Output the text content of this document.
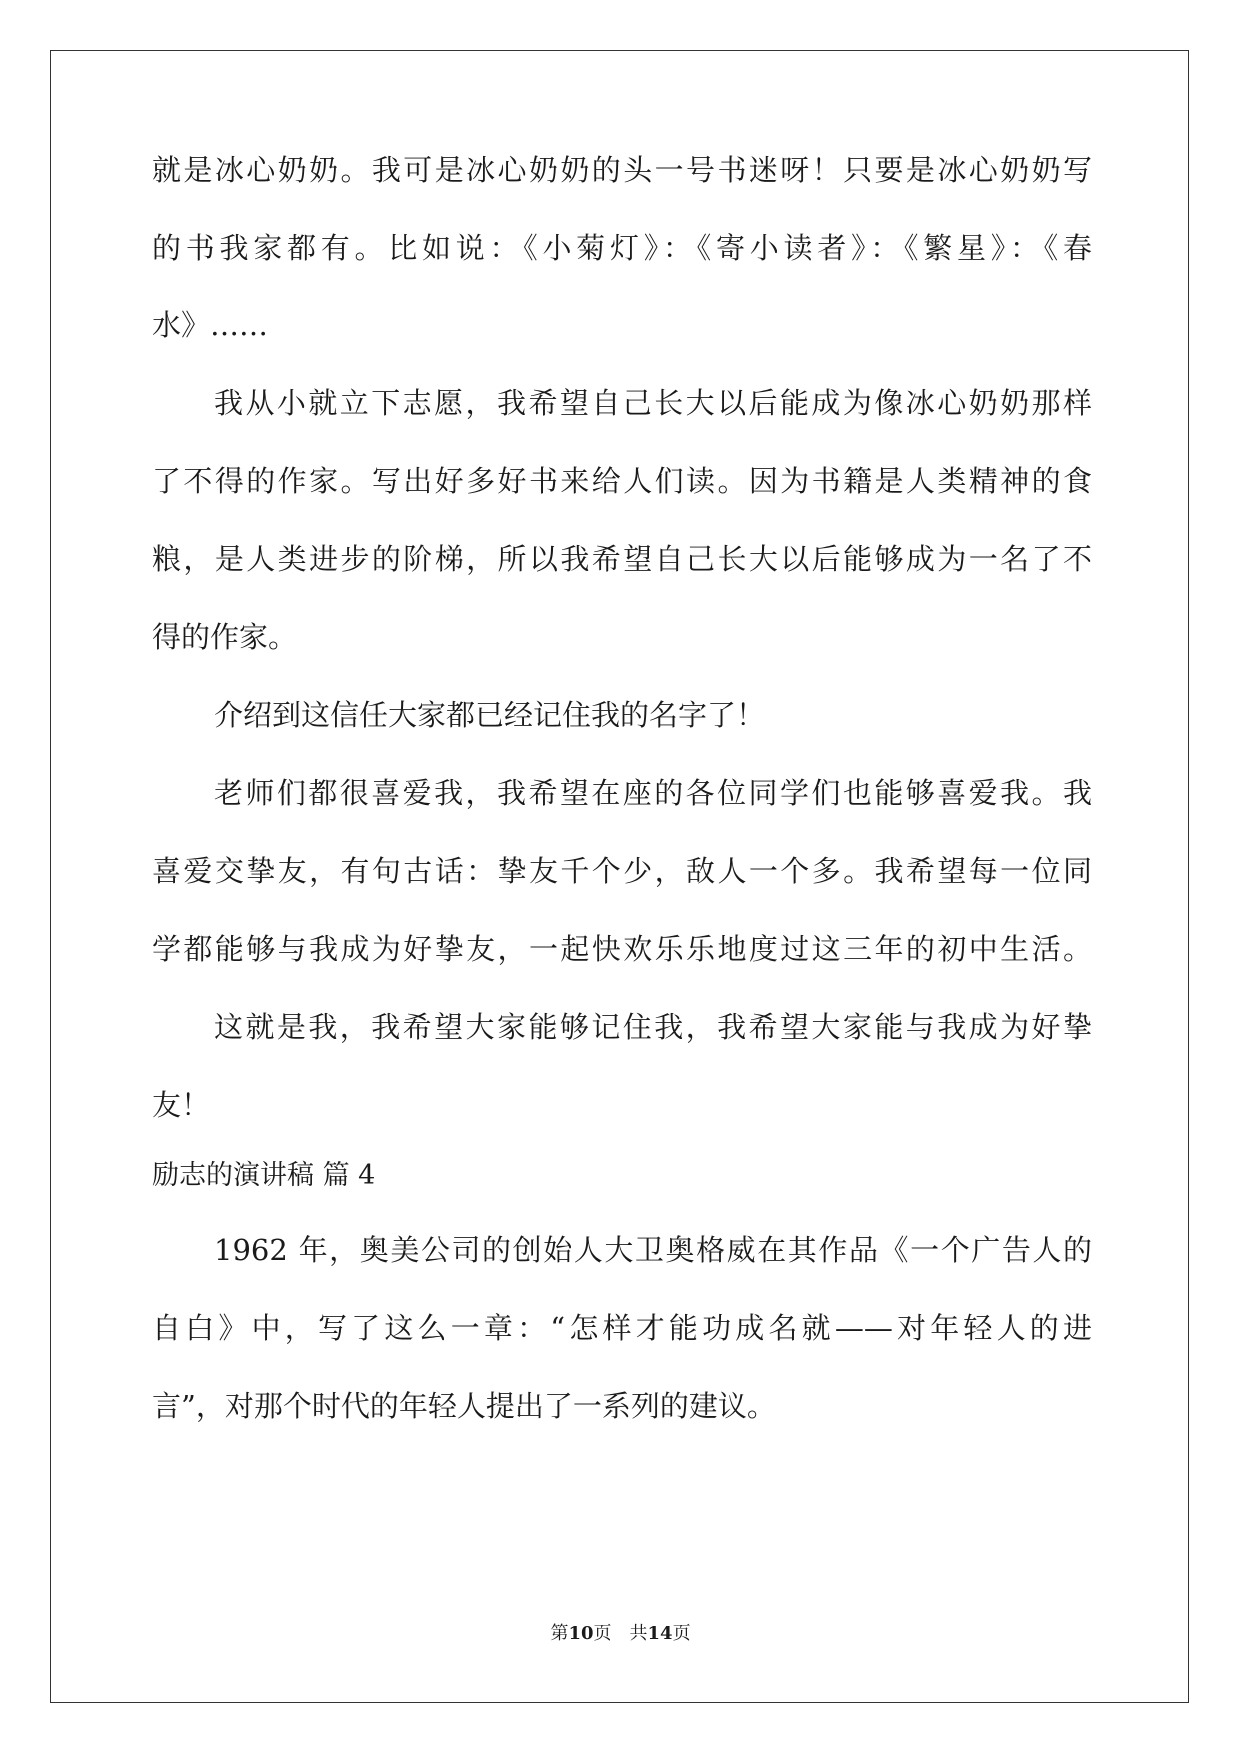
就是冰心奶奶。我可是冰心奶奶的头一号书迷呀！只要是冰心奶奶写
的书我家都有。比如说：《小菊灯》：《寄小读者》：《繁星》：《春
水》……
我从小就立下志愿，我希望自己长大以后能成为像冰心奶奶那样
了不得的作家。写出好多好书来给人们读。因为书籍是人类精神的食
粮，是人类进步的阶梯，所以我希望自己长大以后能够成为一名了不
得的作家。
介绍到这信任大家都已经记住我的名字了！
老师们都很喜爱我，我希望在座的各位同学们也能够喜爱我。我
喜爱交挚友，有句古话：挚友千个少，敌人一个多。我希望每一位同
学都能够与我成为好挚友，一起快欢乐乐地度过这三年的初中生活。
这就是我，我希望大家能够记住我，我希望大家能与我成为好挚
友！
励志的演讲稿 篇 4
1962 年，奥美公司的创始人大卫奥格威在其作品《一个广告人的
自白》中，写了这么一章：“怎样才能功成名就——对年轻人的进
言”，对那个时代的年轻人提出了一系列的建议。
第10页　共14页
